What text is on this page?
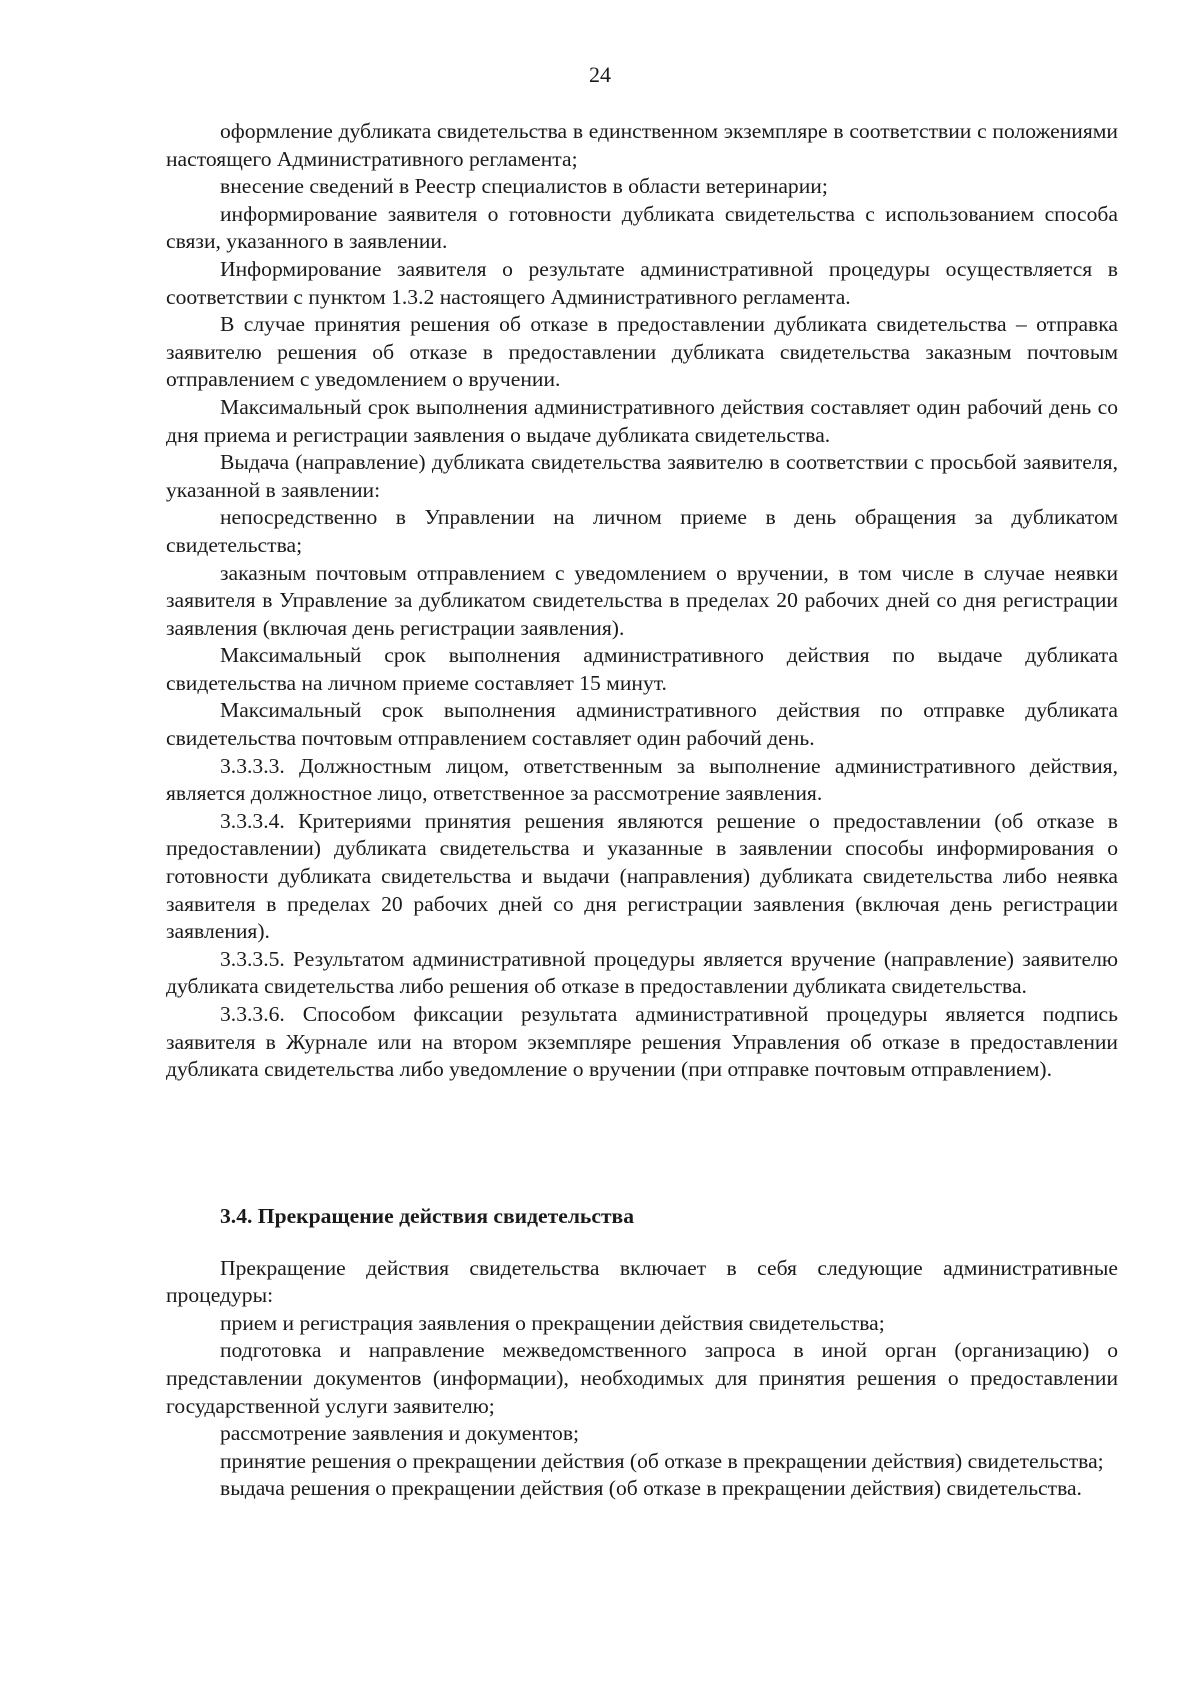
24

оформление дубликата свидетельства в единственном экземпляре в соответствии с положениями настоящего Административного регламента;

внесение сведений в Реестр специалистов в области ветеринарии;

информирование заявителя о готовности дубликата свидетельства с использованием способа связи, указанного в заявлении.

Информирование заявителя о результате административной процедуры осуществляется в соответствии с пунктом 1.3.2 настоящего Административного регламента.

В случае принятия решения об отказе в предоставлении дубликата свидетельства – отправка заявителю решения об отказе в предоставлении дубликата свидетельства заказным почтовым отправлением с уведомлением о вручении.

Максимальный срок выполнения административного действия составляет один рабочий день со дня приема и регистрации заявления о выдаче дубликата свидетельства.

Выдача (направление) дубликата свидетельства заявителю в соответствии с просьбой заявителя, указанной в заявлении:

непосредственно в Управлении на личном приеме в день обращения за дубликатом свидетельства;

заказным почтовым отправлением с уведомлением о вручении, в том числе в случае неявки заявителя в Управление за дубликатом свидетельства в пределах 20 рабочих дней со дня регистрации заявления (включая день регистрации заявления).

Максимальный срок выполнения административного действия по выдаче дубликата свидетельства на личном приеме составляет 15 минут.

Максимальный срок выполнения административного действия по отправке дубликата свидетельства почтовым отправлением составляет один рабочий день.

3.3.3.3. Должностным лицом, ответственным за выполнение административного действия, является должностное лицо, ответственное за рассмотрение заявления.

3.3.3.4. Критериями принятия решения являются решение о предоставлении (об отказе в предоставлении) дубликата свидетельства и указанные в заявлении способы информирования о готовности дубликата свидетельства и выдачи (направления) дубликата свидетельства либо неявка заявителя в пределах 20 рабочих дней со дня регистрации заявления (включая день регистрации заявления).

3.3.3.5. Результатом административной процедуры является вручение (направление) заявителю дубликата свидетельства либо решения об отказе в предоставлении дубликата свидетельства.

3.3.3.6. Способом фиксации результата административной процедуры является подпись заявителя в Журнале или на втором экземпляре решения Управления об отказе в предоставлении дубликата свидетельства либо уведомление о вручении (при отправке почтовым отправлением).

3.4. Прекращение действия свидетельства

Прекращение действия свидетельства включает в себя следующие административные процедуры:

прием и регистрация заявления о прекращении действия свидетельства;

подготовка и направление межведомственного запроса в иной орган (организацию) о представлении документов (информации), необходимых для принятия решения о предоставлении государственной услуги заявителю;

рассмотрение заявления и документов;

принятие решения о прекращении действия (об отказе в прекращении действия) свидетельства;

выдача решения о прекращении действия (об отказе в прекращении действия) свидетельства.
